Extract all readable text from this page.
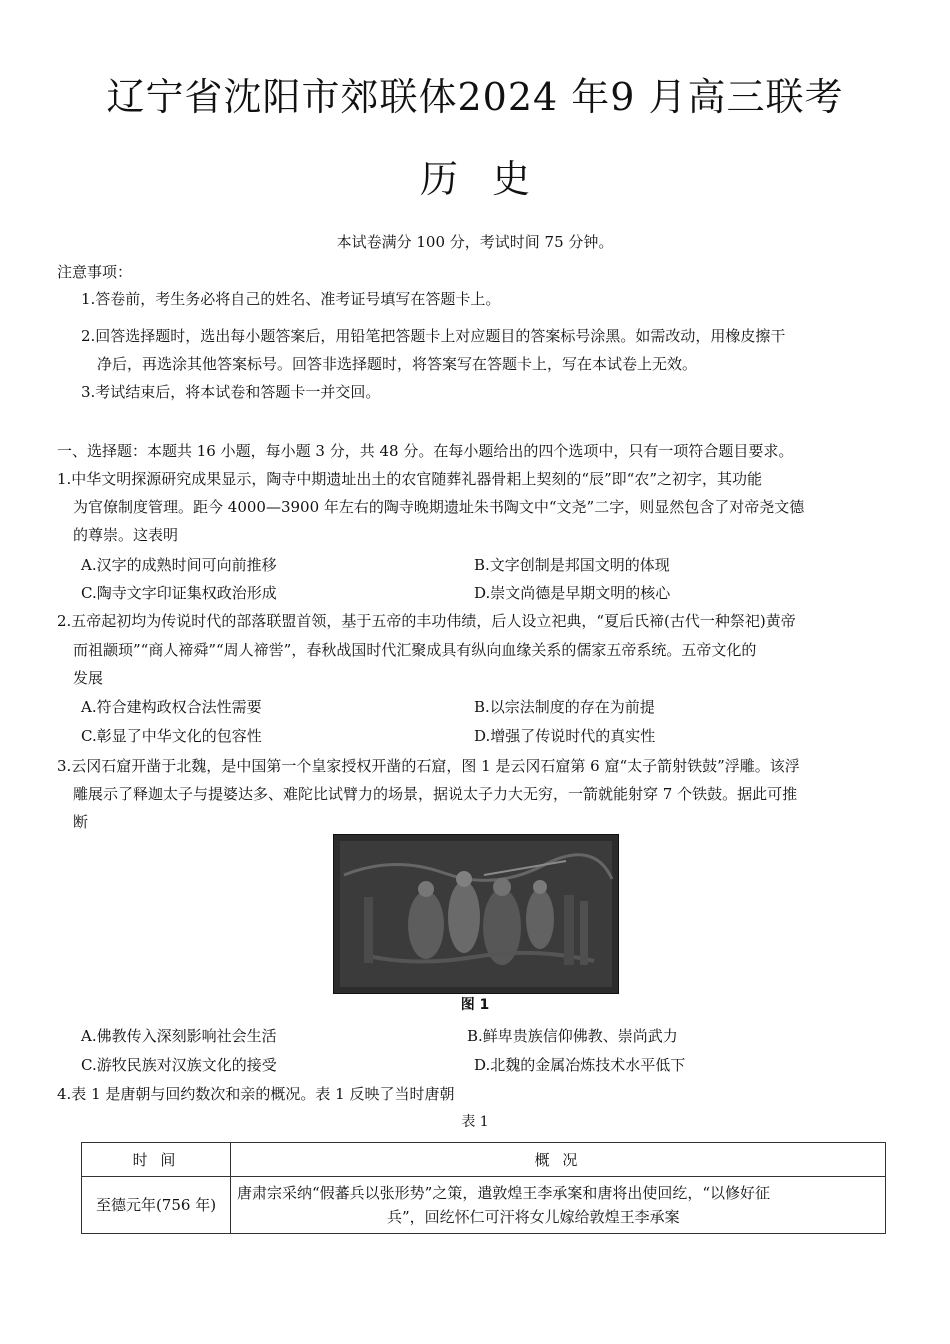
辽宁省沈阳市郊联体2024 年9 月高三联考
历史
本试卷满分 100 分，考试时间 75 分钟。
注意事项：
1.答卷前，考生务必将自己的姓名、准考证号填写在答题卡上。
2.回答选择题时，选出每小题答案后，用铅笔把答题卡上对应题目的答案标号涂黑。如需改动，用橡皮擦干
净后，再选涂其他答案标号。回答非选择题时，将答案写在答题卡上，写在本试卷上无效。
3.考试结束后，将本试卷和答题卡一并交回。
一、选择题：本题共 16 小题，每小题 3 分，共 48 分。在每小题给出的四个选项中，只有一项符合题目要求。
1.中华文明探源研究成果显示，陶寺中期遗址出土的农官随葬礼器骨耜上契刻的“辰”即“农”之初字，其功能
为官僚制度管理。距今 4000—3900 年左右的陶寺晚期遗址朱书陶文中“文尧”二字，则显然包含了对帝尧文德
的尊崇。这表明
A.汉字的成熟时间可向前推移	B.文字创制是邦国文明的体现
C.陶寺文字印证集权政治形成	D.崇文尚德是早期文明的核心
2.五帝起初均为传说时代的部落联盟首领，基于五帝的丰功伟绩，后人设立祀典，“夏后氏禘(古代一种祭祀)黄帝
而祖颛顼”“商人禘舜”“周人禘喾”，春秋战国时代汇聚成具有纵向血缘关系的儒家五帝系统。五帝文化的
发展
A.符合建构政权合法性需要	B.以宗法制度的存在为前提
C.彰显了中华文化的包容性	D.增强了传说时代的真实性
3.云冈石窟开凿于北魏，是中国第一个皇家授权开凿的石窟，图 1 是云冈石窟第 6 窟“太子箭射铁鼓”浮雕。该浮
雕展示了释迦太子与提婆达多、难陀比试臂力的场景，据说太子力大无穷，一箭就能射穿 7 个铁鼓。据此可推
断
图 1
A.佛教传入深刻影响社会生活	B.鲜卑贵族信仰佛教、崇尚武力
C.游牧民族对汉族文化的接受	D.北魏的金属冶炼技术水平低下
4.表 1 是唐朝与回约数次和亲的概况。表 1 反映了当时唐朝
表 1
时 间	概 况
至德元年(756 年)	唐肃宗采纳“假蕃兵以张形势”之策，遣敦煌王李承案和唐将出使回纥，“以修好征
兵”，回纥怀仁可汗将女儿嫁给敦煌王李承案
